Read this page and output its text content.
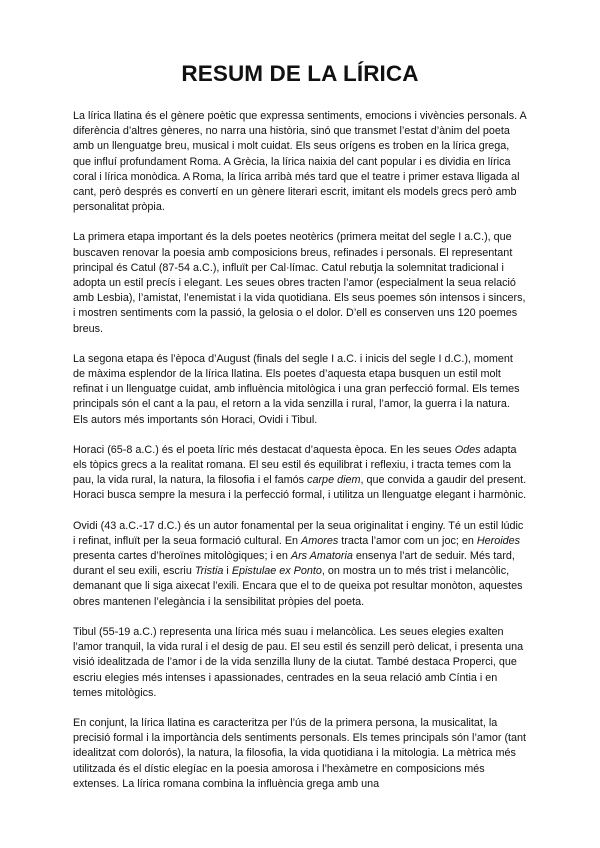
RESUM DE LA LÍRICA

La lírica llatina és el gènere poètic que expressa sentiments, emocions i vivències personals. A diferència d’altres gèneres, no narra una història, sinó que transmet l’estat d’ànim del poeta amb un llenguatge breu, musical i molt cuidat. Els seus orígens es troben en la lírica grega, que influí profundament Roma. A Grècia, la lírica naixia del cant popular i es dividia en lírica coral i lírica monòdica. A Roma, la lírica arribà més tard que el teatre i primer estava lligada al cant, però després es convertí en un gènere literari escrit, imitant els models grecs però amb personalitat pròpia.

La primera etapa important és la dels poetes neotèrics (primera meitat del segle I a.C.), que buscaven renovar la poesia amb composicions breus, refinades i personals. El representant principal és Catul (87-54 a.C.), influït per Cal·límac. Catul rebutja la solemnitat tradicional i adopta un estil precís i elegant. Les seues obres tracten l’amor (especialment la seua relació amb Lesbia), l’amistat, l’enemistat i la vida quotidiana. Els seus poemes són intensos i sincers, i mostren sentiments com la passió, la gelosia o el dolor. D’ell es conserven uns 120 poemes breus.

La segona etapa és l’època d’August (finals del segle I a.C. i inicis del segle I d.C.), moment de màxima esplendor de la lírica llatina. Els poetes d’aquesta etapa busquen un estil molt refinat i un llenguatge cuidat, amb influència mitològica i una gran perfecció formal. Els temes principals són el cant a la pau, el retorn a la vida senzilla i rural, l’amor, la guerra i la natura. Els autors més importants són Horaci, Ovidi i Tibul.

Horaci (65-8 a.C.) és el poeta líric més destacat d’aquesta època. En les seues Odes adapta els tòpics grecs a la realitat romana. El seu estil és equilibrat i reflexiu, i tracta temes com la pau, la vida rural, la natura, la filosofia i el famós carpe diem, que convida a gaudir del present. Horaci busca sempre la mesura i la perfecció formal, i utilitza un llenguatge elegant i harmònic.

Ovidi (43 a.C.-17 d.C.) és un autor fonamental per la seua originalitat i enginy. Té un estil lúdic i refinat, influït per la seua formació cultural. En Amores tracta l’amor com un joc; en Heroides presenta cartes d’heroïnes mitològiques; i en Ars Amatoria ensenya l’art de seduir. Més tard, durant el seu exili, escriu Tristia i Epistulae ex Ponto, on mostra un to més trist i melancòlic, demanant que li siga aixecat l’exili. Encara que el to de queixa pot resultar monòton, aquestes obres mantenen l’elegància i la sensibilitat pròpies del poeta.

Tibul (55-19 a.C.) representa una lírica més suau i melancòlica. Les seues elegies exalten l’amor tranquil, la vida rural i el desig de pau. El seu estil és senzill però delicat, i presenta una visió idealitzada de l’amor i de la vida senzilla lluny de la ciutat. També destaca Properci, que escriu elegies més intenses i apassionades, centrades en la seua relació amb Cíntia i en temes mitològics.

En conjunt, la lírica llatina es caracteritza per l’ús de la primera persona, la musicalitat, la precisió formal i la importància dels sentiments personals. Els temes principals són l’amor (tant idealitzat com dolorós), la natura, la filosofia, la vida quotidiana i la mitologia. La mètrica més utilitzada és el dístic elegíac en la poesia amorosa i l’hexàmetre en composicions més extenses. La lírica romana combina la influència grega amb una
